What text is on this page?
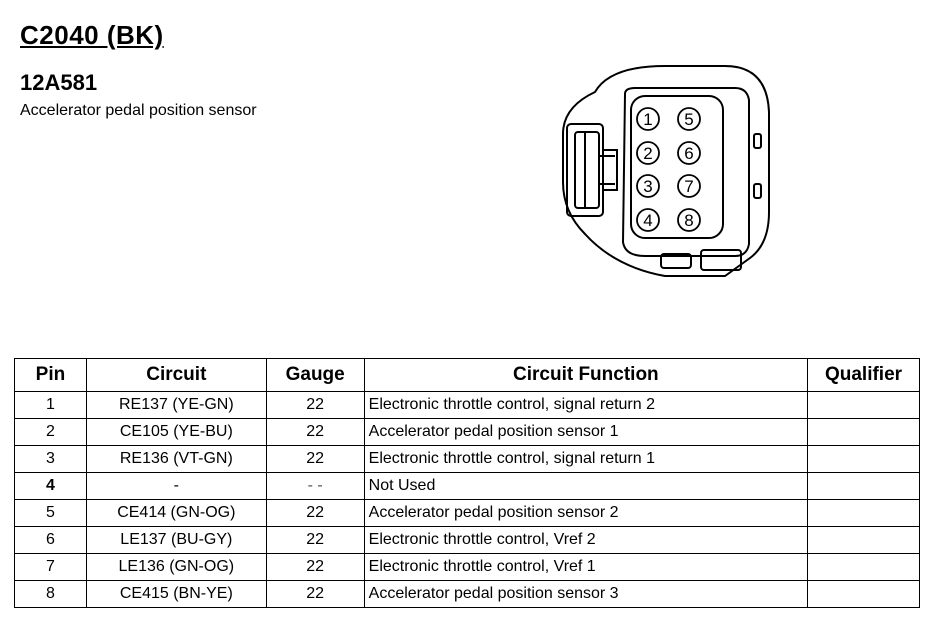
C2040 (BK)
12A581
Accelerator pedal position sensor	1
2
3
4
5
6
7
8
Pin	Circuit	Gauge	Circuit Function	Qualifier
1	RE137 (YE-GN)	22	Electronic throttle control, signal return 2	
2	CE105 (YE-BU)	22	Accelerator pedal position sensor 1	
3	RE136 (VT-GN)	22	Electronic throttle control, signal return 1	
4	-	- -	Not Used	
5	CE414 (GN-OG)	22	Accelerator pedal position sensor 2	
6	LE137 (BU-GY)	22	Electronic throttle control, Vref 2	
7	LE136 (GN-OG)	22	Electronic throttle control, Vref 1	
8	CE415 (BN-YE)	22	Accelerator pedal position sensor 3	
